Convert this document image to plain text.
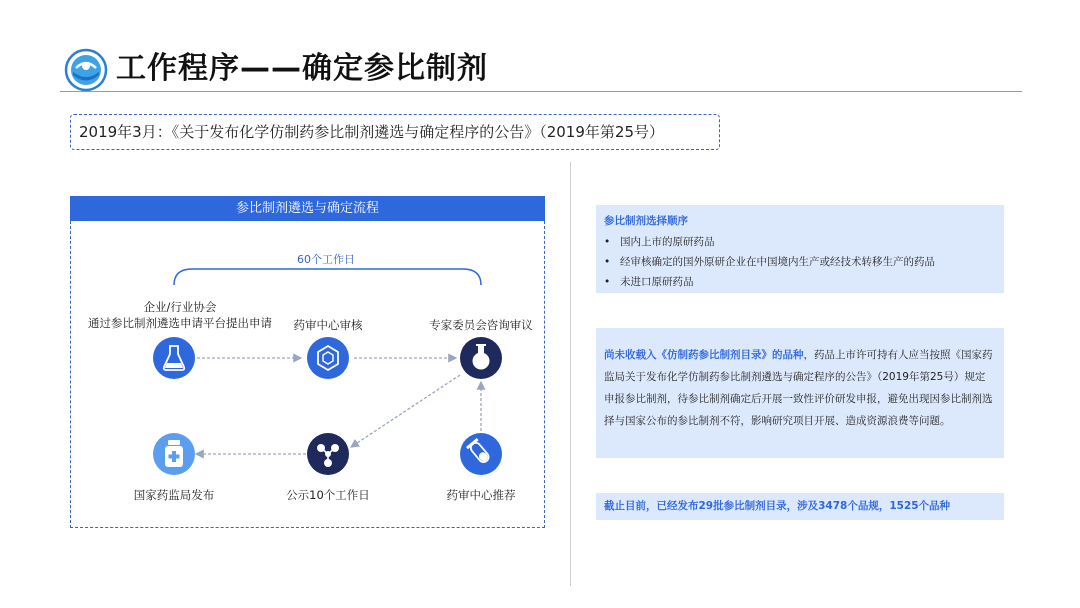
工作程序——确定参比制剂
2019年3月：《关于发布化学仿制药参比制剂遴选与确定程序的公告》（2019年第25号）
参比制剂遴选与确定流程
60个工作日
企业/行业协会
通过参比制剂遴选申请平台提出申请	药审中心审核	专家委员会咨询审议
药审中心推荐
公示10个工作日
国家药监局发布
参比制剂选择顺序
• 国内上市的原研药品
• 经审核确定的国外原研企业在中国境内生产或经技术转移生产的药品
• 未进口原研药品
尚未收载入《仿制药参比制剂目录》的品种，药品上市许可持有人应当按照《国家药监局关于发布化学仿制药参比制剂遴选与确定程序的公告》（2019年第25号）规定申报参比制剂，待参比制剂确定后开展一致性评价研发申报，避免出现因参比制剂选择与国家公布的参比制剂不符，影响研究项目开展、造成资源浪费等问题。
截止目前，已经发布29批参比制剂目录，涉及3478个品规，1525个品种
